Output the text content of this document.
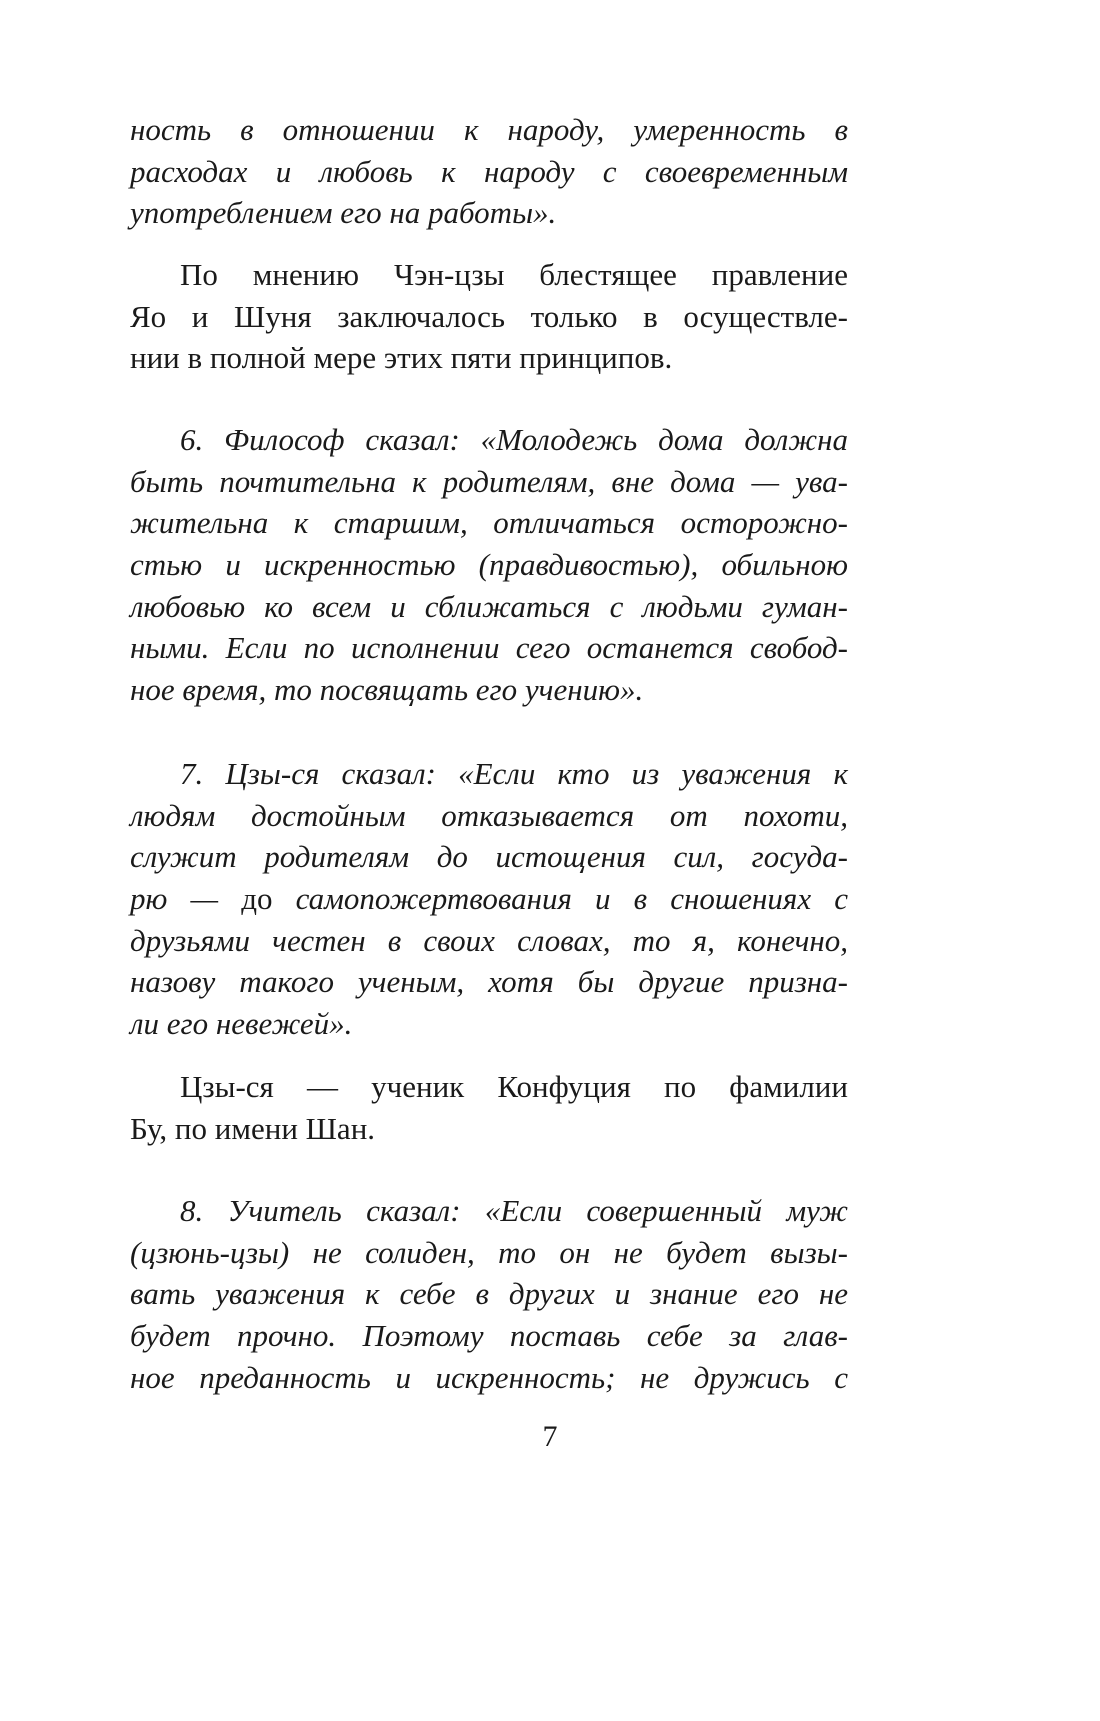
ность в отношении к народу, умеренность в
расходах и любовь к народу с своевременным
употреблением его на работы».
По мнению Чэн-цзы блестящее правление
Яо и Шуня заключалось только в осуществле-
нии в полной мере этих пяти принципов.
6. Философ сказал: «Молодежь дома должна
быть почтительна к родителям, вне дома — ува-
жительна к старшим, отличаться осторожно-
стью и искренностью (правдивостью), обильною
любовью ко всем и сближаться с людьми гуман-
ными. Если по исполнении сего останется свобод-
ное время, то посвящать его учению».
7. Цзы-ся сказал: «Если кто из уважения к
людям достойным отказывается от похоти,
служит родителям до истощения сил, госуда-
рю — до самопожертвования и в сношениях с
друзьями честен в своих словах, то я, конечно,
назову такого ученым, хотя бы другие призна-
ли его невежей».
Цзы-ся — ученик Конфуция по фамилии
Бу, по имени Шан.
8. Учитель сказал: «Если совершенный муж
(цзюнь-цзы) не солиден, то он не будет вызы-
вать уважения к себе в других и знание его не
будет прочно. Поэтому поставь себе за глав-
ное преданность и искренность; не дружись с
7
